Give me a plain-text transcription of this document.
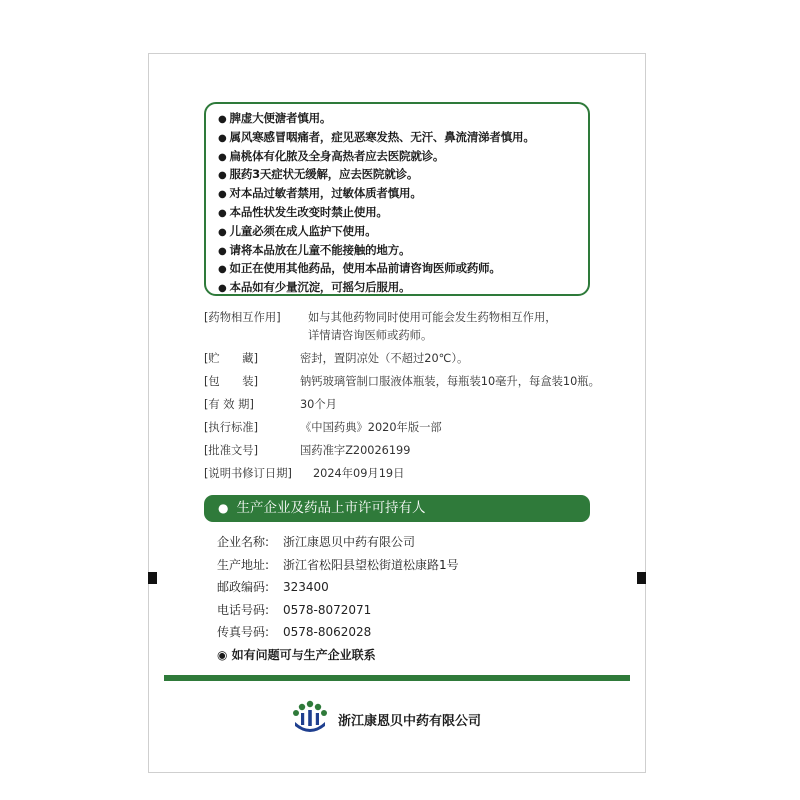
● 脾虚大便溏者慎用。
● 属风寒感冒咽痛者，症见恶寒发热、无汗、鼻流清涕者慎用。
● 扁桃体有化脓及全身高热者应去医院就诊。
● 服药3天症状无缓解，应去医院就诊。
● 对本品过敏者禁用，过敏体质者慎用。
● 本品性状发生改变时禁止使用。
● 儿童必须在成人监护下使用。
● 请将本品放在儿童不能接触的地方。
● 如正在使用其他药品，使用本品前请咨询医师或药师。
● 本品如有少量沉淀，可摇匀后服用。
[药物相互作用] 如与其他药物同时使用可能会发生药物相互作用，
详情请咨询医师或药师。
[贮　　藏]	密封，置阴凉处（不超过20℃）。
[包　　装]	钠钙玻璃管制口服液体瓶装，每瓶装10毫升，每盒装10瓶。
[有 效 期]	30个月
[执行标准]	《中国药典》2020年版一部
[批准文号]	国药准字Z20026199
[说明书修订日期] 2024年09月19日
● 生产企业及药品上市许可持有人
企业名称: 浙江康恩贝中药有限公司
生产地址: 浙江省松阳县望松街道松康路1号
邮政编码: 323400
电话号码: 0578-8072071
传真号码: 0578-8062028
◉ 如有问题可与生产企业联系
浙江康恩贝中药有限公司
